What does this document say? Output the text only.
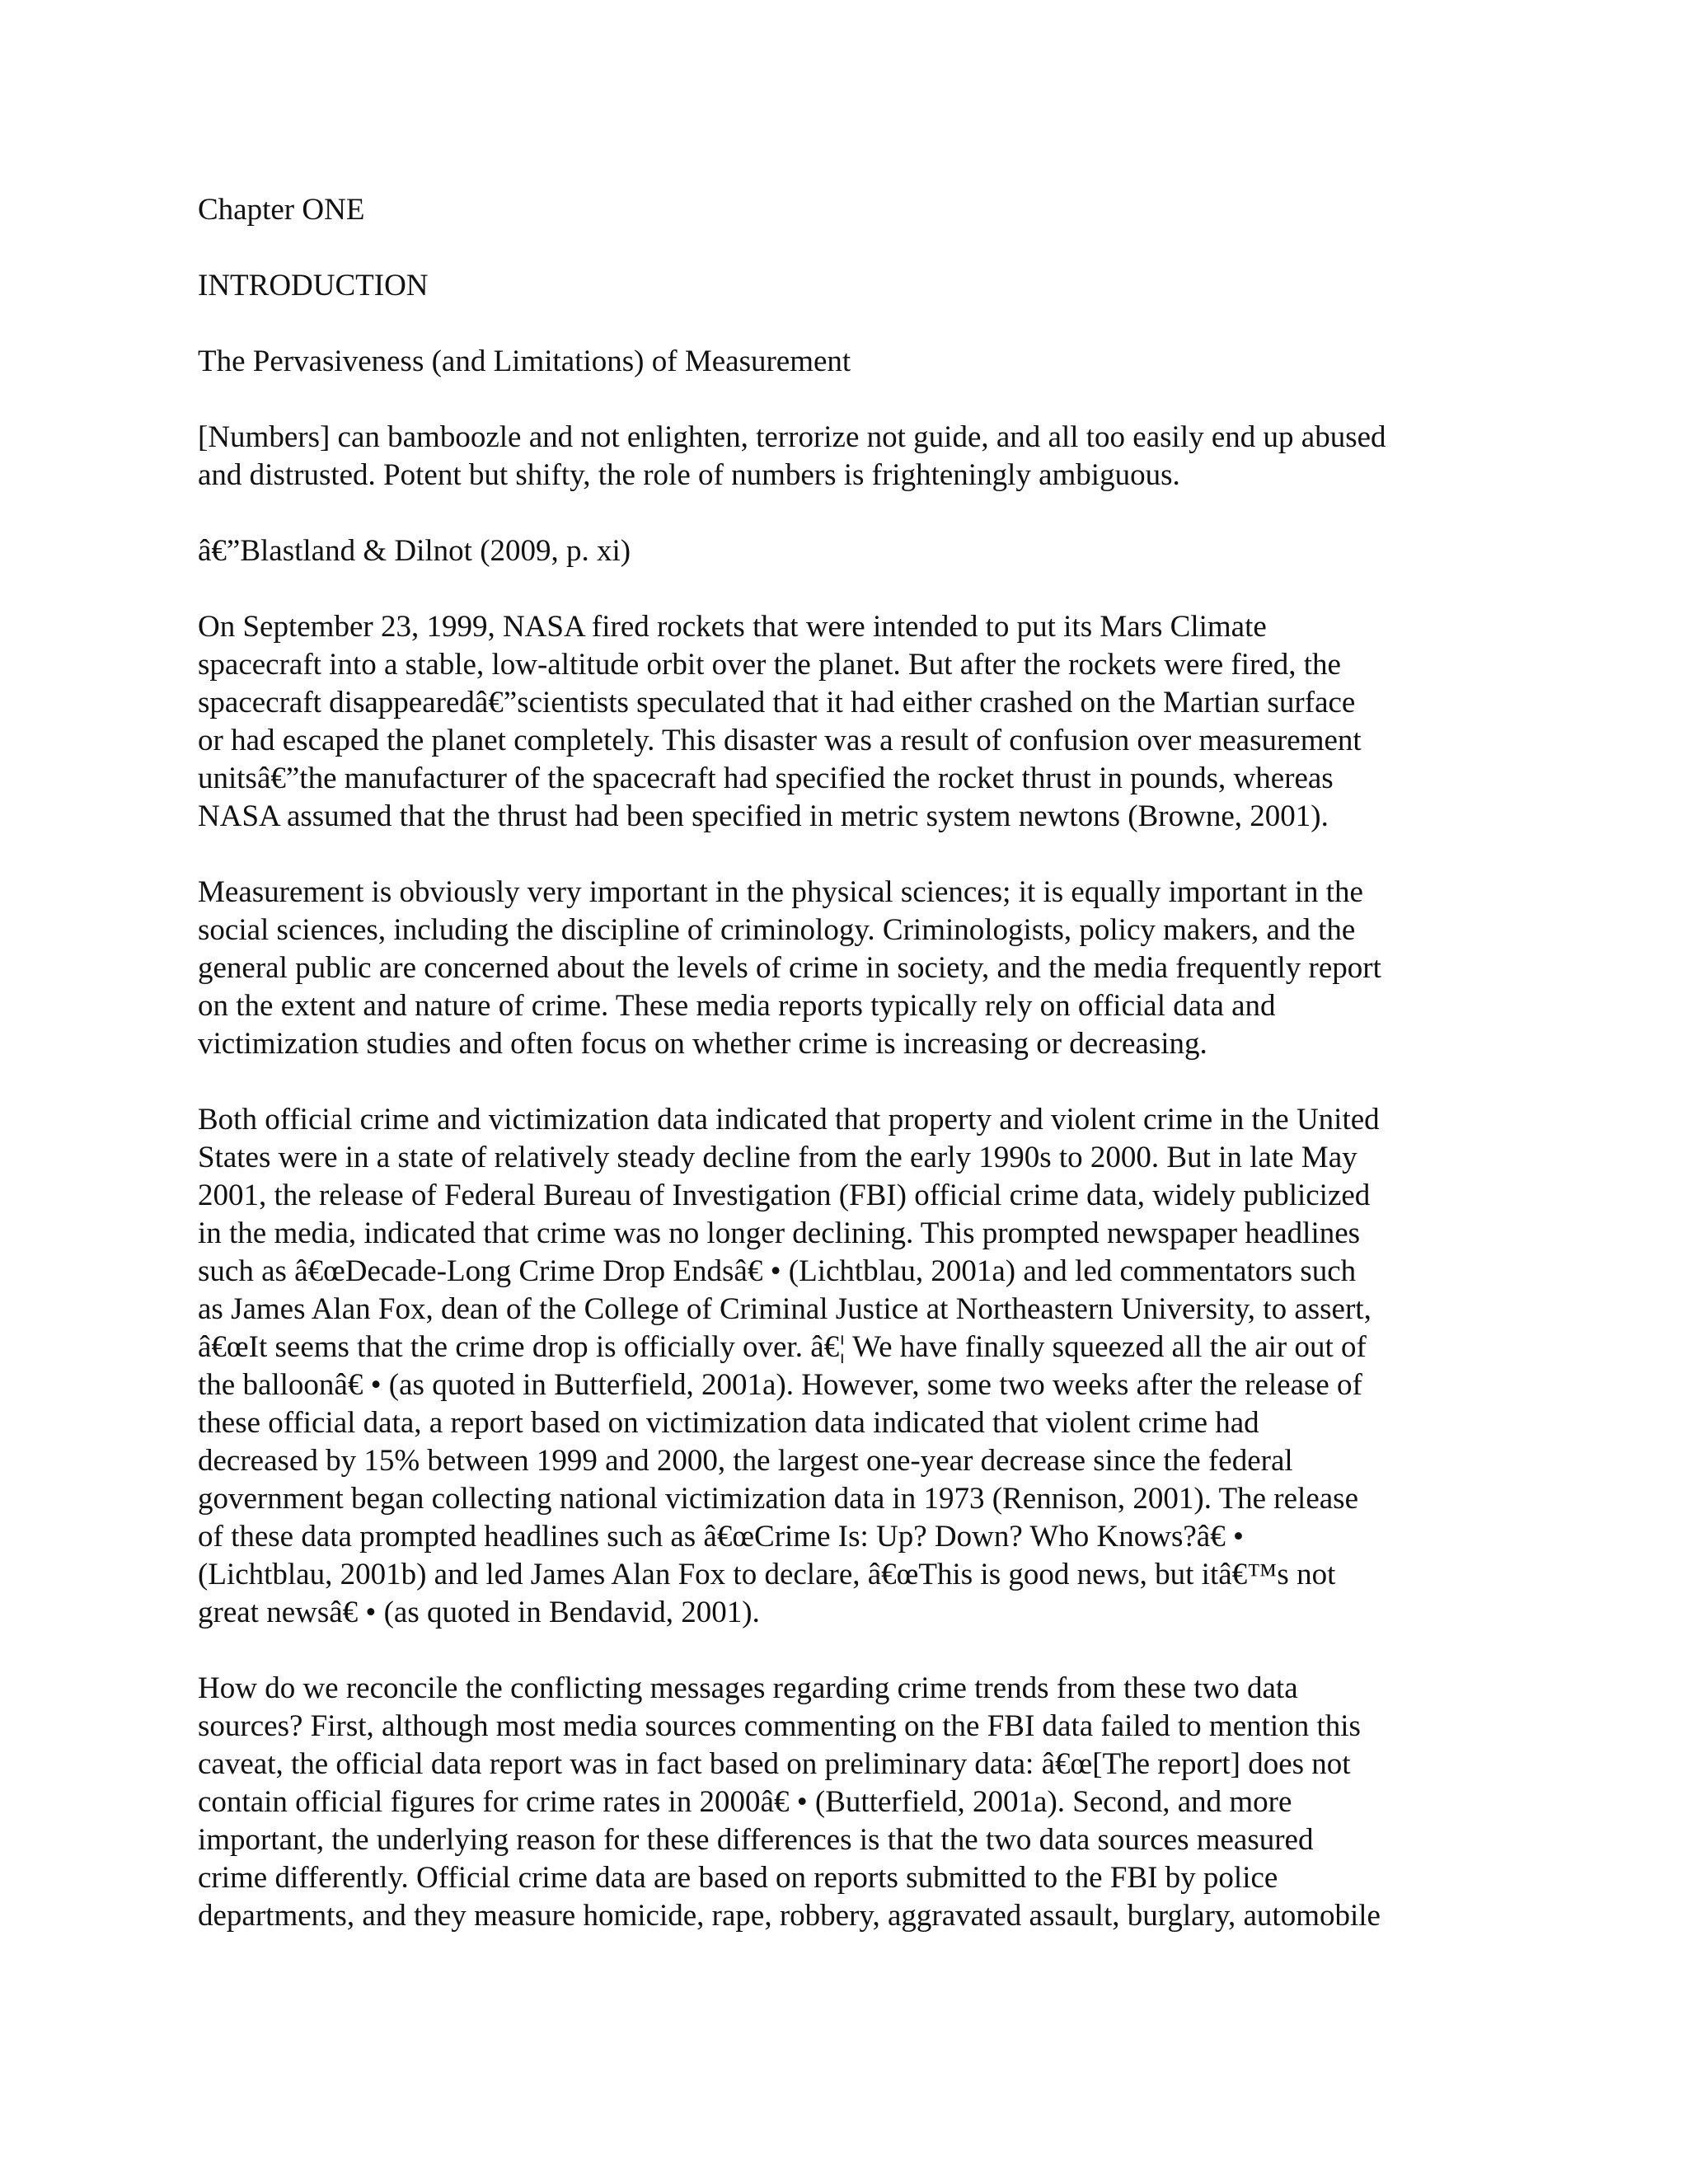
Chapter ONE

INTRODUCTION

The Pervasiveness (and Limitations) of Measurement

[Numbers] can bamboozle and not enlighten, terrorize not guide, and all too easily end up abused
and distrusted. Potent but shifty, the role of numbers is frighteningly ambiguous.

â€”Blastland & Dilnot (2009, p. xi)

On September 23, 1999, NASA fired rockets that were intended to put its Mars Climate
spacecraft into a stable, low-altitude orbit over the planet. But after the rockets were fired, the
spacecraft disappearedâ€”scientists speculated that it had either crashed on the Martian surface
or had escaped the planet completely. This disaster was a result of confusion over measurement
unitsâ€”the manufacturer of the spacecraft had specified the rocket thrust in pounds, whereas
NASA assumed that the thrust had been specified in metric system newtons (Browne, 2001).

Measurement is obviously very important in the physical sciences; it is equally important in the
social sciences, including the discipline of criminology. Criminologists, policy makers, and the
general public are concerned about the levels of crime in society, and the media frequently report
on the extent and nature of crime. These media reports typically rely on official data and
victimization studies and often focus on whether crime is increasing or decreasing.

Both official crime and victimization data indicated that property and violent crime in the United
States were in a state of relatively steady decline from the early 1990s to 2000. But in late May
2001, the release of Federal Bureau of Investigation (FBI) official crime data, widely publicized
in the media, indicated that crime was no longer declining. This prompted newspaper headlines
such as â€œDecade-Long Crime Drop Endsâ€ • (Lichtblau, 2001a) and led commentators such
as James Alan Fox, dean of the College of Criminal Justice at Northeastern University, to assert,
â€œIt seems that the crime drop is officially over. â€¦ We have finally squeezed all the air out of
the balloonâ€ • (as quoted in Butterfield, 2001a). However, some two weeks after the release of
these official data, a report based on victimization data indicated that violent crime had
decreased by 15% between 1999 and 2000, the largest one-year decrease since the federal
government began collecting national victimization data in 1973 (Rennison, 2001). The release
of these data prompted headlines such as â€œCrime Is: Up? Down? Who Knows?â€ •
(Lichtblau, 2001b) and led James Alan Fox to declare, â€œThis is good news, but itâ€™s not
great newsâ€ • (as quoted in Bendavid, 2001).

How do we reconcile the conflicting messages regarding crime trends from these two data
sources? First, although most media sources commenting on the FBI data failed to mention this
caveat, the official data report was in fact based on preliminary data: â€œ[The report] does not
contain official figures for crime rates in 2000â€ • (Butterfield, 2001a). Second, and more
important, the underlying reason for these differences is that the two data sources measured
crime differently. Official crime data are based on reports submitted to the FBI by police
departments, and they measure homicide, rape, robbery, aggravated assault, burglary, automobile
